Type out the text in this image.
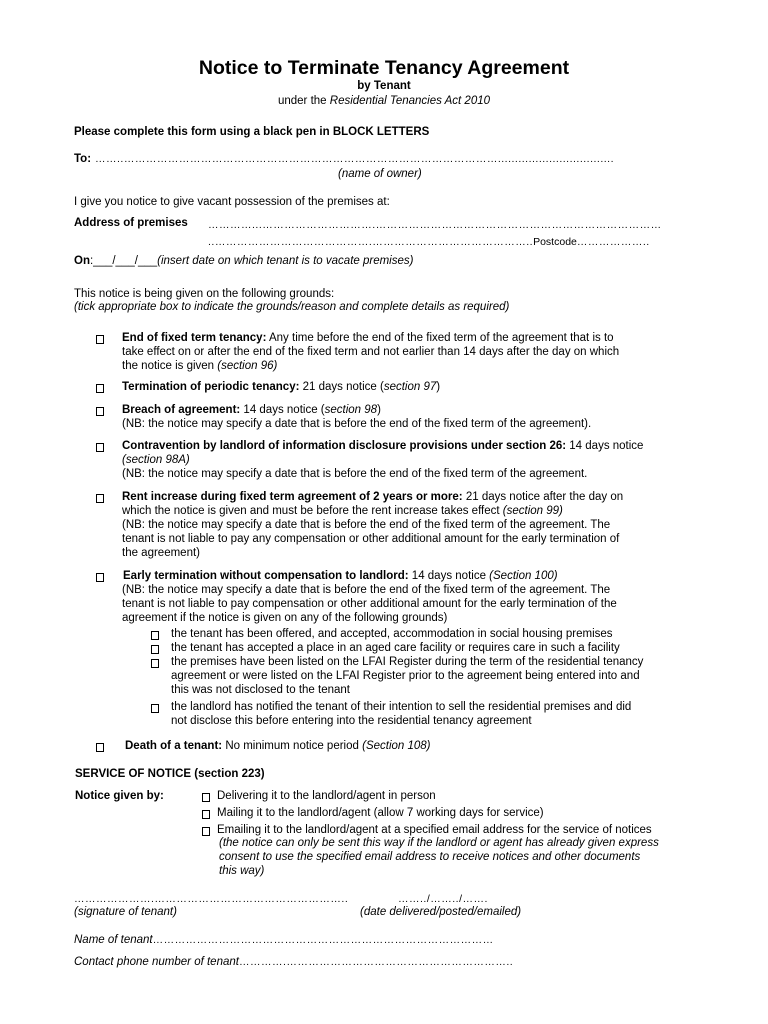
Notice to Terminate Tenancy Agreement
by Tenant
under the Residential Tenancies Act 2010
Please complete this form using a black pen in BLOCK LETTERS
To: ……..…………………………………………………………………………………………..................................
(name of owner)
I give you notice to give vacant possession of the premises at:
Address of premises …………...………………………….……………………………………………………………………
..…………………………………….……………………………………..Postcode………………..
On:___/___/___(insert date on which tenant is to vacate premises)
This notice is being given on the following grounds:
(tick appropriate box to indicate the grounds/reason and complete details as required)
End of fixed term tenancy: Any time before the end of the fixed term of the agreement that is to
take effect on or after the end of the fixed term and not earlier than 14 days after the day on which
the notice is given (section 96)
Termination of periodic tenancy: 21 days notice (section 97)
Breach of agreement: 14 days notice (section 98)
(NB: the notice may specify a date that is before the end of the fixed term of the agreement).
Contravention by landlord of information disclosure provisions under section 26: 14 days notice
(section 98A)
(NB: the notice may specify a date that is before the end of the fixed term of the agreement.
Rent increase during fixed term agreement of 2 years or more: 21 days notice after the day on
which the notice is given and must be before the rent increase takes effect (section 99)
(NB: the notice may specify a date that is before the end of the fixed term of the agreement. The
tenant is not liable to pay any compensation or other additional amount for the early termination of
the agreement)
Early termination without compensation to landlord: 14 days notice (Section 100)
(NB: the notice may specify a date that is before the end of the fixed term of the agreement. The
tenant is not liable to pay compensation or other additional amount for the early termination of the
agreement if the notice is given on any of the following grounds)
the tenant has been offered, and accepted, accommodation in social housing premises
the tenant has accepted a place in an aged care facility or requires care in such a facility
the premises have been listed on the LFAI Register during the term of the residential tenancy
agreement or were listed on the LFAI Register prior to the agreement being entered into and
this was not disclosed to the tenant
the landlord has notified the tenant of their intention to sell the residential premises and did
not disclose this before entering into the residential tenancy agreement
Death of a tenant: No minimum notice period (Section 108)
SERVICE OF NOTICE (section 223)
Notice given by:	Delivering it to the landlord/agent in person
Mailing it to the landlord/agent (allow 7 working days for service)
Emailing it to the landlord/agent at a specified email address for the service of notices
(the notice can only be sent this way if the landlord or agent has already given express
consent to use the specified email address to receive notices and other documents
this way)
………………….……………………………………………..	……../……../…….
(signature of tenant)	(date delivered/posted/emailed)
Name of tenant…………………………………………………………………………………
Contact phone number of tenant………….……………………………………………………..
